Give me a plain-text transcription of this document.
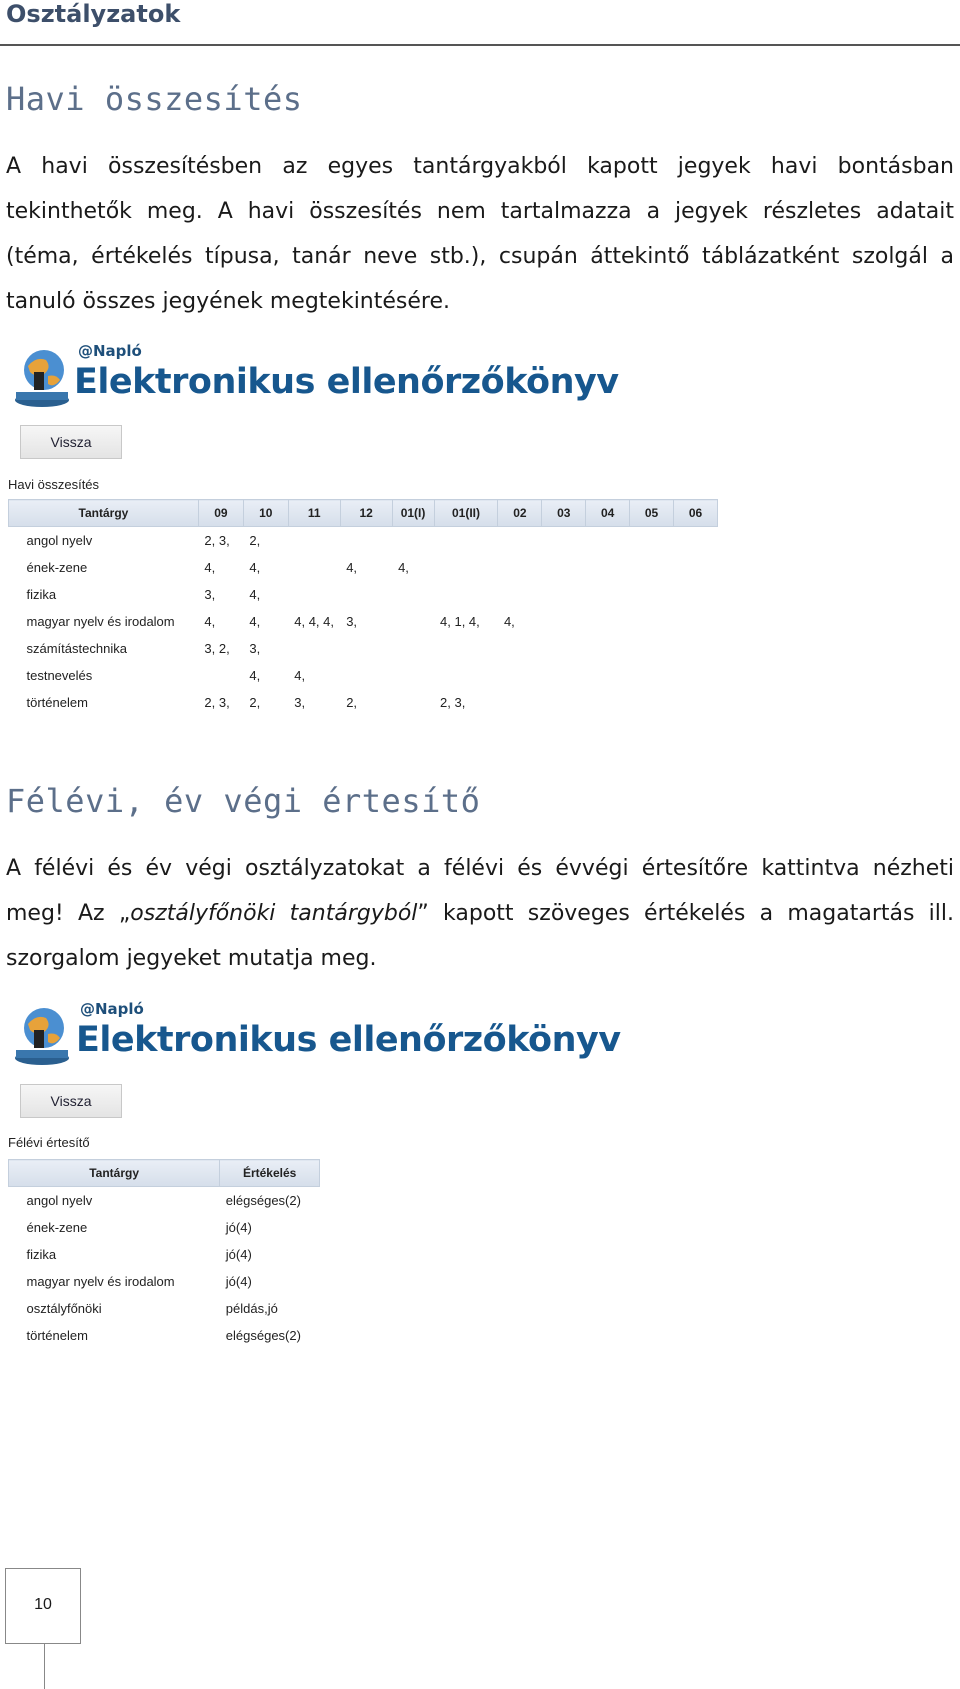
Osztályzatok
Havi összesítés
A havi összesítésben az egyes tantárgyakból kapott jegyek havi bontásban
tekinthetők meg. A havi összesítés nem tartalmazza a jegyek részletes adatait
(téma, értékelés típusa, tanár neve stb.), csupán áttekintő táblázatként szolgál a
tanuló összes jegyének megtekintésére.
@Napló
Elektronikus ellenőrzőkönyv
Vissza
Havi összesítés
Tantárgy	09	10	11	12	01(I)	01(II)	02	03	04	05	06
angol nyelv	2, 3,	2,									
ének-zene	4,	4,		4,	4,						
fizika	3,	4,									
magyar nyelv és irodalom	4,	4,	4, 4, 4,	3,		4, 1, 4,	4,				
számítástechnika	3, 2,	3,									
testnevelés		4,	4,								
történelem	2, 3,	2,	3,	2,		2, 3,					
Félévi, év végi értesítő
A félévi és év végi osztályzatokat a félévi és évvégi értesítőre kattintva nézheti
meg! Az „osztályfőnöki tantárgyból” kapott szöveges értékelés a magatartás ill.
szorgalom jegyeket mutatja meg.
@Napló
Elektronikus ellenőrzőkönyv
Vissza
Félévi értesítő
Tantárgy	Értékelés
angol nyelv	elégséges(2)
ének-zene	jó(4)
fizika	jó(4)
magyar nyelv és irodalom	jó(4)
osztályfőnöki	példás,jó
történelem	elégséges(2)
10
